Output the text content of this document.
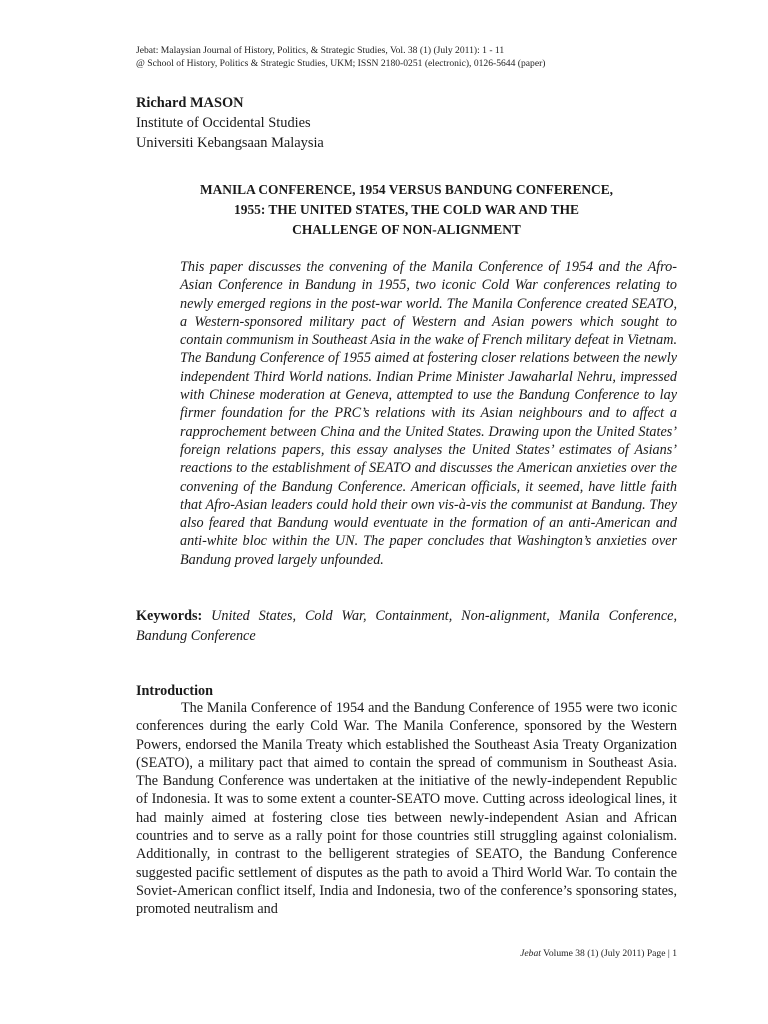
Jebat: Malaysian Journal of History, Politics, & Strategic Studies, Vol. 38 (1) (July 2011): 1 - 11
@ School of History, Politics & Strategic Studies, UKM; ISSN 2180-0251 (electronic), 0126-5644 (paper)
Richard MASON
Institute of Occidental Studies
Universiti Kebangsaan Malaysia
MANILA CONFERENCE, 1954 VERSUS BANDUNG CONFERENCE,
1955: THE UNITED STATES, THE COLD WAR AND THE
CHALLENGE OF NON-ALIGNMENT
This paper discusses the convening of the Manila Conference of 1954 and the Afro-Asian Conference in Bandung in 1955, two iconic Cold War conferences relating to newly emerged regions in the post-war world. The Manila Conference created SEATO, a Western-sponsored military pact of Western and Asian powers which sought to contain communism in Southeast Asia in the wake of French military defeat in Vietnam. The Bandung Conference of 1955 aimed at fostering closer relations between the newly independent Third World nations. Indian Prime Minister Jawaharlal Nehru, impressed with Chinese moderation at Geneva, attempted to use the Bandung Conference to lay firmer foundation for the PRC’s relations with its Asian neighbours and to affect a rapprochement between China and the United States. Drawing upon the United States’ foreign relations papers, this essay analyses the United States’ estimates of Asians’ reactions to the establishment of SEATO and discusses the American anxieties over the convening of the Bandung Conference. American officials, it seemed, have little faith that Afro-Asian leaders could hold their own vis-à-vis the communist at Bandung. They also feared that Bandung would eventuate in the formation of an anti-American and anti-white bloc within the UN. The paper concludes that Washington’s anxieties over Bandung proved largely unfounded.
Keywords: United States, Cold War, Containment, Non-alignment, Manila Conference, Bandung Conference
Introduction
The Manila Conference of 1954 and the Bandung Conference of 1955 were two iconic conferences during the early Cold War. The Manila Conference, sponsored by the Western Powers, endorsed the Manila Treaty which established the Southeast Asia Treaty Organization (SEATO), a military pact that aimed to contain the spread of communism in Southeast Asia. The Bandung Conference was undertaken at the initiative of the newly-independent Republic of Indonesia. It was to some extent a counter-SEATO move. Cutting across ideological lines, it had mainly aimed at fostering close ties between newly-independent Asian and African countries and to serve as a rally point for those countries still struggling against colonialism. Additionally, in contrast to the belligerent strategies of SEATO, the Bandung Conference suggested pacific settlement of disputes as the path to avoid a Third World War. To contain the Soviet-American conflict itself, India and Indonesia, two of the conference’s sponsoring states, promoted neutralism and
Jebat Volume 38 (1) (July 2011) Page | 1
